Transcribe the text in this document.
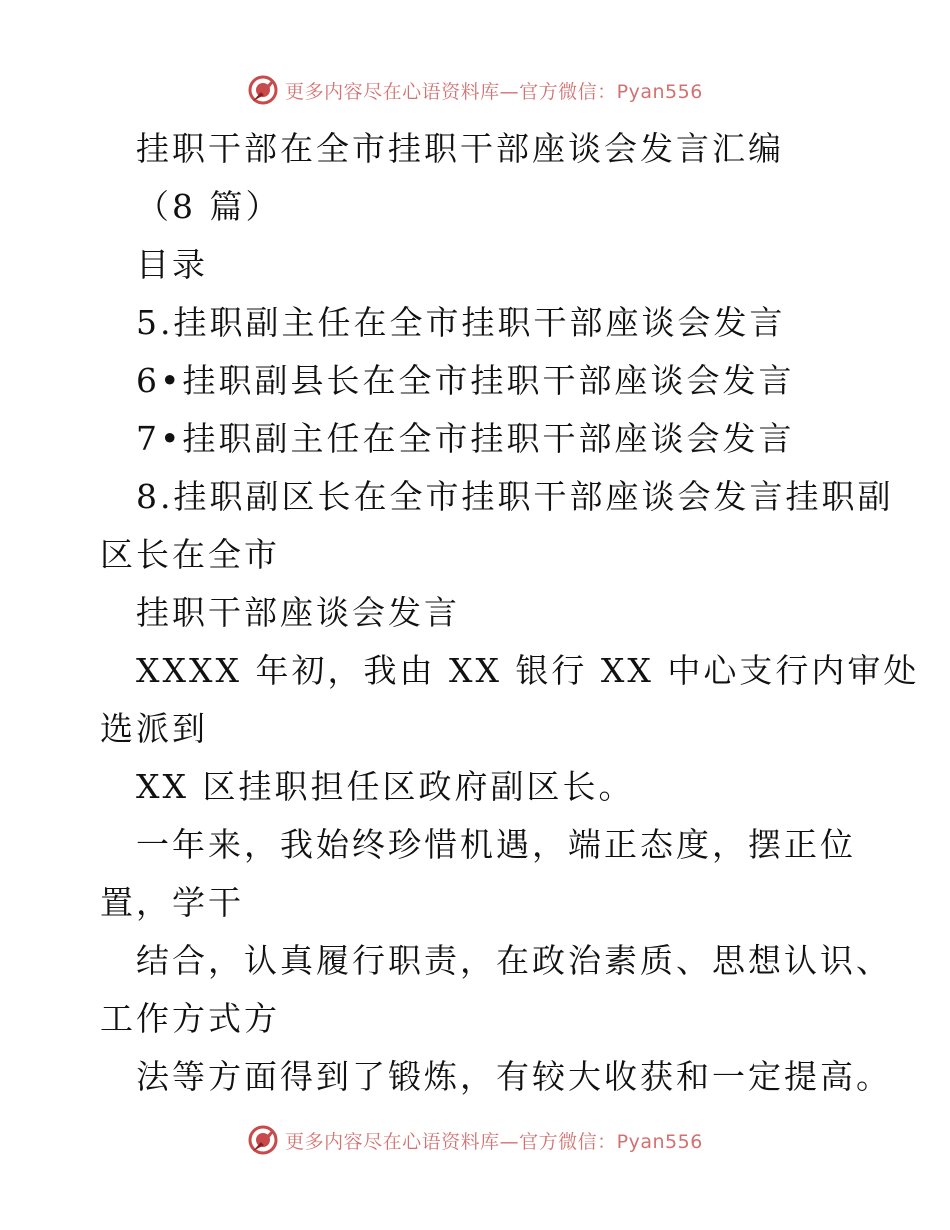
更多内容尽在心语资料库—官方微信：Pyan556
挂职干部在全市挂职干部座谈会发言汇编
（8 篇）
目录
5.挂职副主任在全市挂职干部座谈会发言
6•挂职副县长在全市挂职干部座谈会发言
7•挂职副主任在全市挂职干部座谈会发言
8.挂职副区长在全市挂职干部座谈会发言挂职副
区长在全市
挂职干部座谈会发言
XXXX 年初，我由 XX 银行 XX 中心支行内审处
选派到
XX 区挂职担任区政府副区长。
一年来，我始终珍惜机遇，端正态度，摆正位
置，学干
结合，认真履行职责，在政治素质、思想认识、
工作方式方
法等方面得到了锻炼，有较大收获和一定提高。
更多内容尽在心语资料库—官方微信：Pyan556
